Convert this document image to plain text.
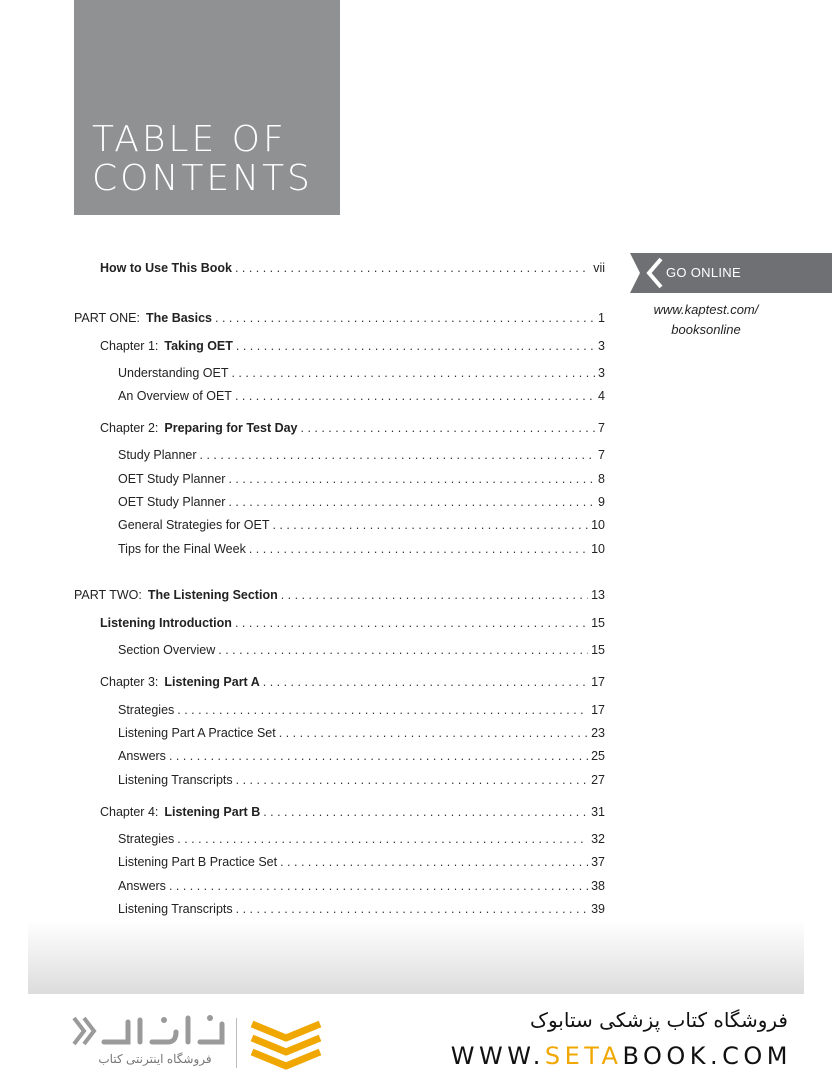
TABLE OF
CONTENTS
GO ONLINE
www.kaptest.com/
booksonline
How to Use This Book . . .	vii
PART ONE: The Basics . . .	1
Chapter 1: Taking OET . . .	3
Understanding OET . . .	3
An Overview of OET . . .	4
Chapter 2: Preparing for Test Day . . .	7
Study Planner . . .	7
OET Study Planner . . .	8
OET Study Planner . . .	9
General Strategies for OET . . .	10
Tips for the Final Week . . .	10
PART TWO: The Listening Section . . .	13
Listening Introduction . . .	15
Section Overview . . .	15
Chapter 3: Listening Part A . . .	17
Strategies . . .	17
Listening Part A Practice Set . . .	23
Answers . . .	25
Listening Transcripts . . .	27
Chapter 4: Listening Part B . . .	31
Strategies . . .	32
Listening Part B Practice Set . . .	37
Answers . . .	38
Listening Transcripts . . .	39
فروشگاه اینترنتی کتاب
فروشگاه کتاب پزشکی ستابوک
WWW.SETABOOK.COM
